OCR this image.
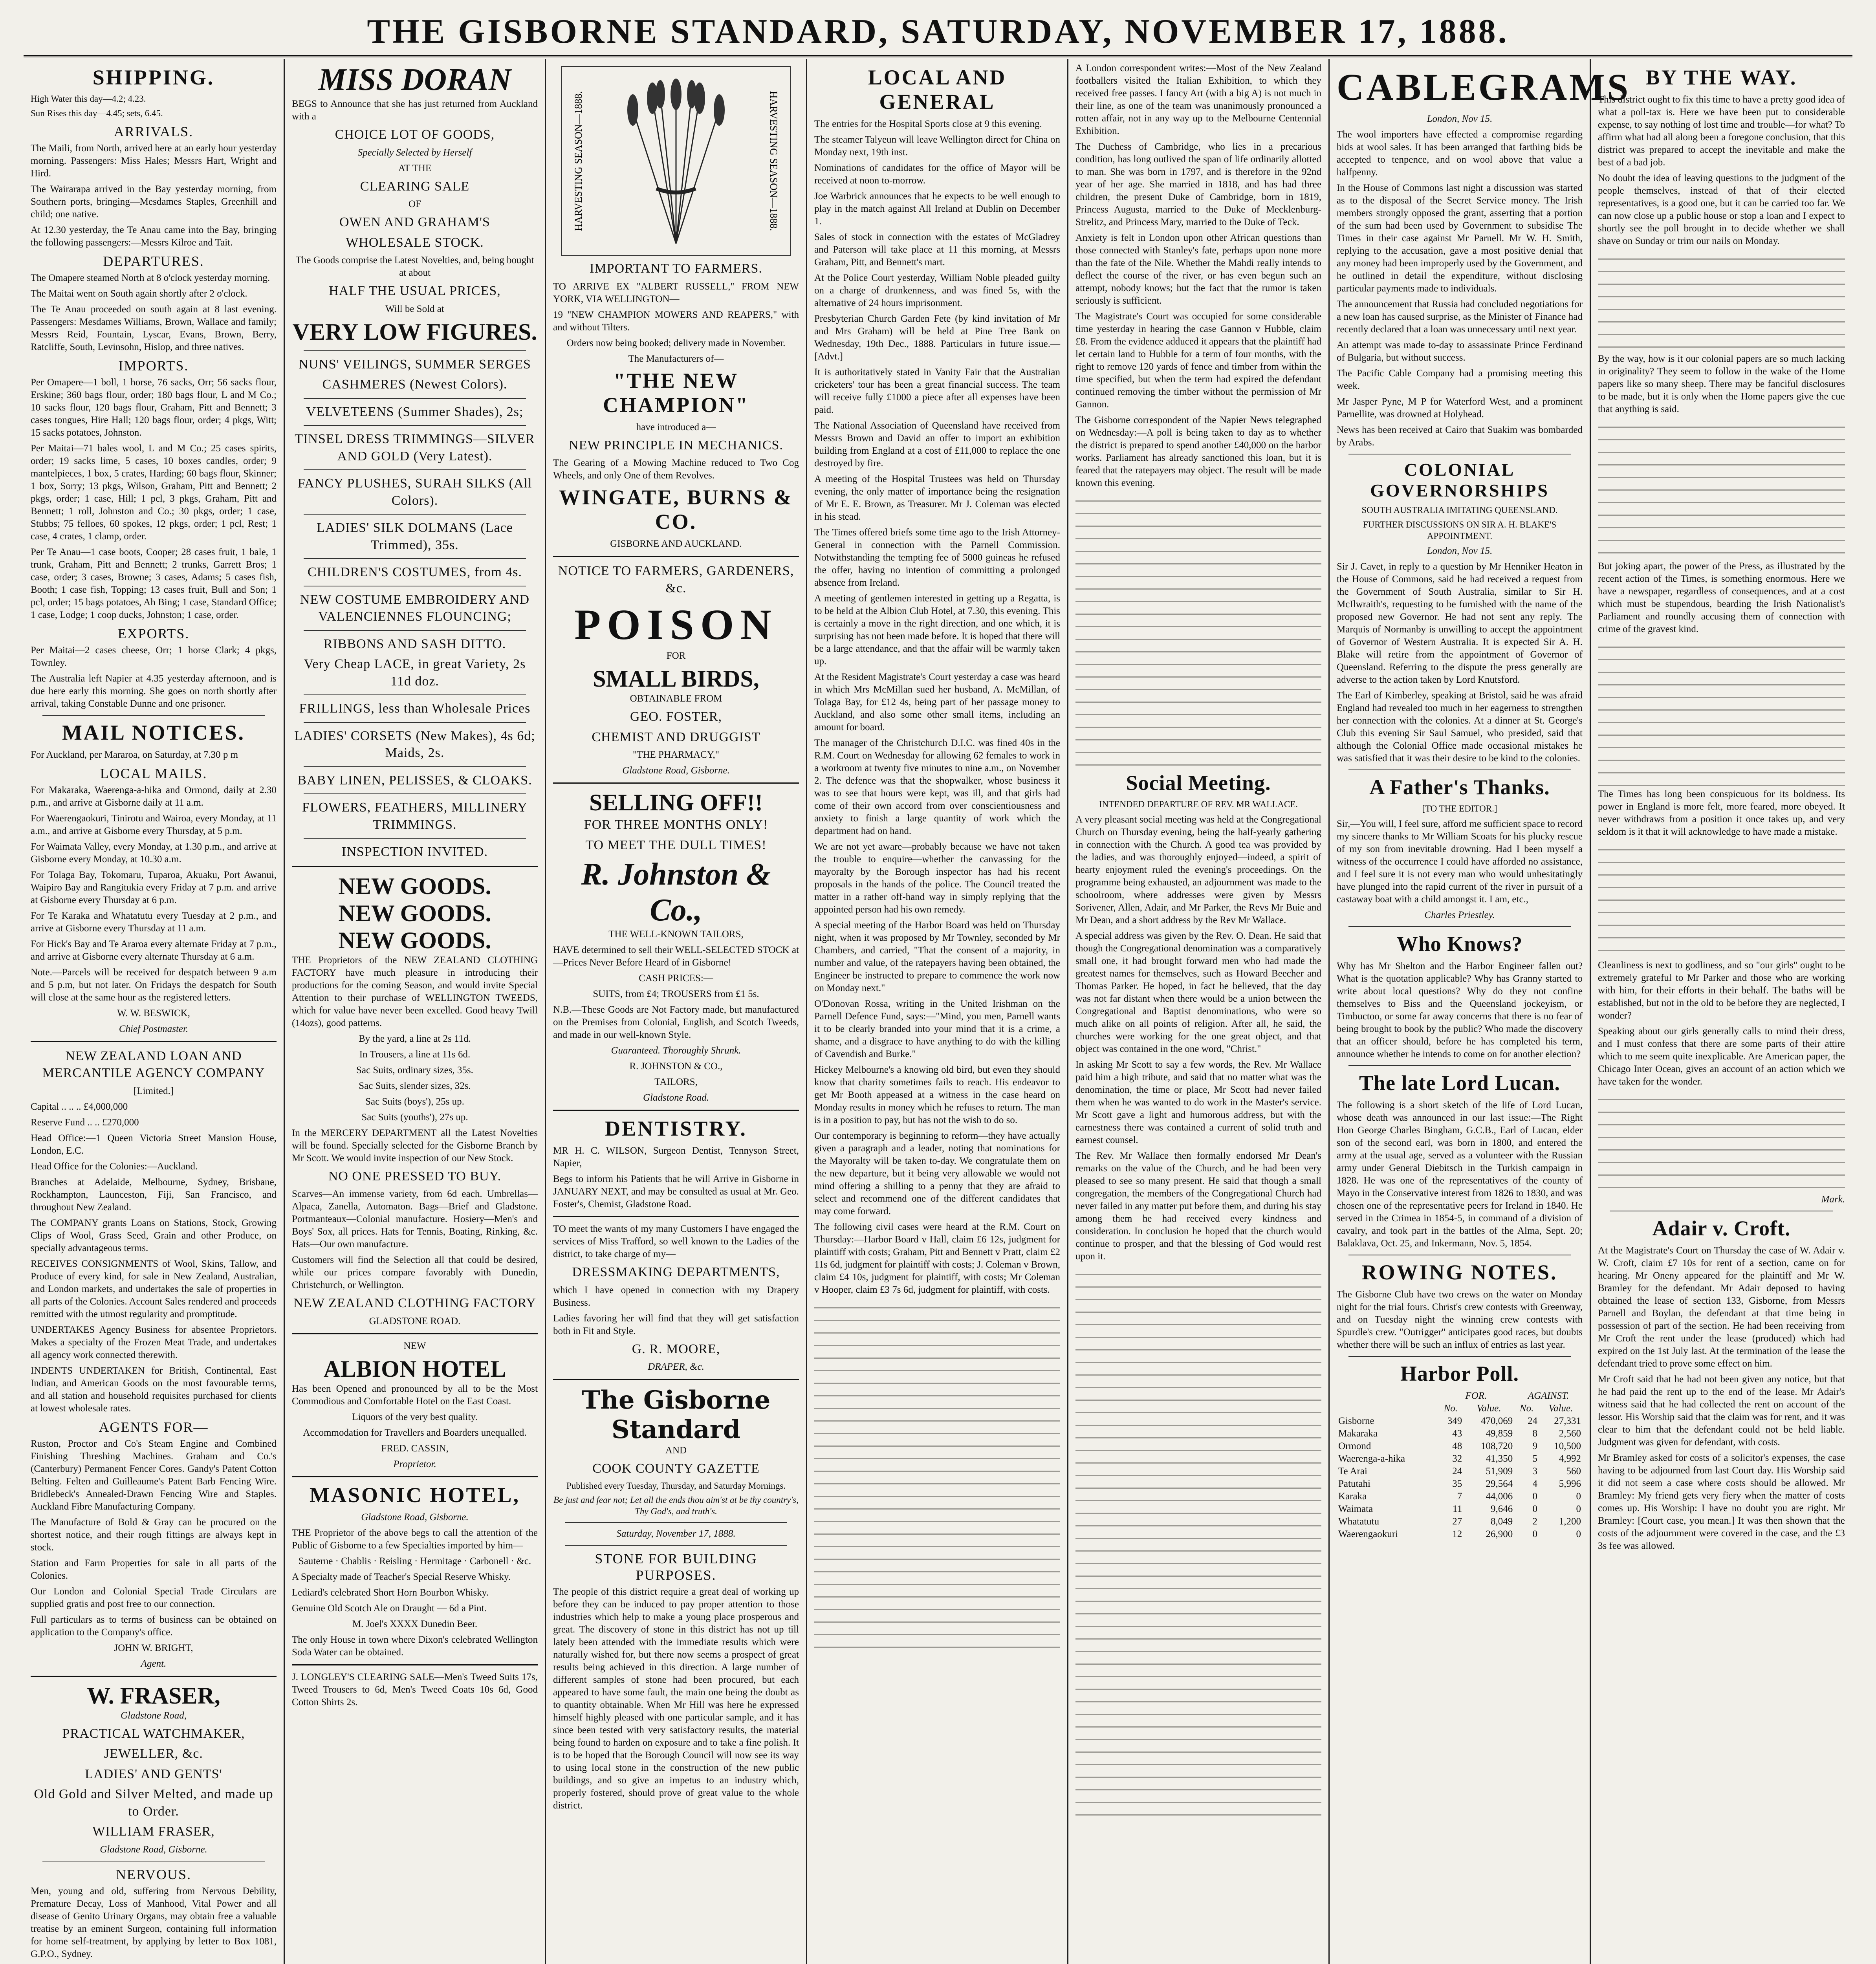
THE GISBORNE STANDARD, SATURDAY, NOVEMBER 17, 1888.
SHIPPING.

High Water this day—4.2; 4.23.

Sun Rises this day—4.45; sets, 6.45.

ARRIVALS.

The Maili, from North, arrived here at an early hour yesterday morning. Passengers: Miss Hales; Messrs Hart, Wright and Hird.

The Wairarapa arrived in the Bay yesterday morning, from Southern ports, bringing—Mesdames Staples, Greenhill and child; one native.

At 12.30 yesterday, the Te Anau came into the Bay, bringing the following passengers:—Messrs Kilroe and Tait.

DEPARTURES.

The Omapere steamed North at 8 o'clock yesterday morning.

The Maitai went on South again shortly after 2 o'clock.

The Te Anau proceeded on south again at 8 last evening. Passengers: Mesdames Williams, Brown, Wallace and family; Messrs Reid, Fountain, Lyscar, Evans, Brown, Berry, Ratcliffe, South, Levinsohn, Hislop, and three natives.

IMPORTS.

Per Omapere—1 boll, 1 horse, 76 sacks, Orr; 56 sacks flour, Erskine; 360 bags flour, order; 180 bags flour, L and M Co.; 10 sacks flour, 120 bags flour, Graham, Pitt and Bennett; 3 cases tongues, Hire Hall; 120 bags flour, order; 4 pkgs, Witt; 15 sacks potatoes, Johnston.

Per Maitai—71 bales wool, L and M Co.; 25 cases spirits, order; 19 sacks lime, 5 cases, 10 boxes candles, order; 9 mantelpieces, 1 box, 5 crates, Harding; 60 bags flour, Skinner; 1 box, Sorry; 13 pkgs, Wilson, Graham, Pitt and Bennett; 2 pkgs, order; 1 case, Hill; 1 pcl, 3 pkgs, Graham, Pitt and Bennett; 1 roll, Johnston and Co.; 30 pkgs, order; 1 case, Stubbs; 75 felloes, 60 spokes, 12 pkgs, order; 1 pcl, Rest; 1 case, 4 crates, 1 clamp, order.

Per Te Anau—1 case boots, Cooper; 28 cases fruit, 1 bale, 1 trunk, Graham, Pitt and Bennett; 2 trunks, Garrett Bros; 1 case, order; 3 cases, Browne; 3 cases, Adams; 5 cases fish, Booth; 1 case fish, Topping; 13 cases fruit, Bull and Son; 1 pcl, order; 15 bags potatoes, Ah Bing; 1 case, Standard Office; 1 case, Lodge; 1 coop ducks, Johnston; 1 case, order.

EXPORTS.

Per Maitai—2 cases cheese, Orr; 1 horse Clark; 4 pkgs, Townley.

The Australia left Napier at 4.35 yesterday afternoon, and is due here early this morning. She goes on north shortly after arrival, taking Constable Dunne and one prisoner.

MAIL NOTICES.

For Auckland, per Mararoa, on Saturday, at 7.30 p m

LOCAL MAILS.

For Makaraka, Waerenga-a-hika and Ormond, daily at 2.30 p.m., and arrive at Gisborne daily at 11 a.m.

For Waerengaokuri, Tinirotu and Wairoa, every Monday, at 11 a.m., and arrive at Gisborne every Thursday, at 5 p.m.

For Waimata Valley, every Monday, at 1.30 p.m., and arrive at Gisborne every Monday, at 10.30 a.m.

For Tolaga Bay, Tokomaru, Tuparoa, Akuaku, Port Awanui, Waipiro Bay and Rangitukia every Friday at 7 p.m. and arrive at Gisborne every Thursday at 6 p.m.

For Te Karaka and Whatatutu every Tuesday at 2 p.m., and arrive at Gisborne every Thursday at 11 a.m.

For Hick's Bay and Te Araroa every alternate Friday at 7 p.m., and arrive at Gisborne every alternate Thursday at 6 a.m.

Note.—Parcels will be received for despatch between 9 a.m and 5 p.m, but not later. On Fridays the despatch for South will close at the same hour as the registered letters.

W. W. BESWICK,

Chief Postmaster.

NEW ZEALAND LOAN AND MERCANTILE AGENCY COMPANY

[Limited.]

Capital .. .. .. £4,000,000

Reserve Fund .. .. £270,000

Head Office:—1 Queen Victoria Street Mansion House, London, E.C.

Head Office for the Colonies:—Auckland.

Branches at Adelaide, Melbourne, Sydney, Brisbane, Rockhampton, Launceston, Fiji, San Francisco, and throughout New Zealand.

The COMPANY grants Loans on Stations, Stock, Growing Clips of Wool, Grass Seed, Grain and other Produce, on specially advantageous terms.

RECEIVES CONSIGNMENTS of Wool, Skins, Tallow, and Produce of every kind, for sale in New Zealand, Australian, and London markets, and undertakes the sale of properties in all parts of the Colonies. Account Sales rendered and proceeds remitted with the utmost regularity and promptitude.

UNDERTAKES Agency Business for absentee Proprietors. Makes a specialty of the Frozen Meat Trade, and undertakes all agency work connected therewith.

INDENTS UNDERTAKEN for British, Continental, East Indian, and American Goods on the most favourable terms, and all station and household requisites purchased for clients at lowest wholesale rates.

AGENTS FOR—

Ruston, Proctor and Co's Steam Engine and Combined Finishing Threshing Machines. Graham and Co.'s (Canterbury) Permanent Fencer Cores. Gandy's Patent Cotton Belting. Felten and Guilleaume's Patent Barb Fencing Wire. Bridlebeck's Annealed-Drawn Fencing Wire and Staples. Auckland Fibre Manufacturing Company.

The Manufacture of Bold & Gray can be procured on the shortest notice, and their rough fittings are always kept in stock.

Station and Farm Properties for sale in all parts of the Colonies.

Our London and Colonial Special Trade Circulars are supplied gratis and post free to our connection.

Full particulars as to terms of business can be obtained on application to the Company's office.

JOHN W. BRIGHT,

Agent.

W. FRASER,

Gladstone Road,

PRACTICAL WATCHMAKER,

JEWELLER, &c.

LADIES' AND GENTS'

Old Gold and Silver Melted, and made up to Order.

WILLIAM FRASER,

Gladstone Road, Gisborne.

NERVOUS.

Men, young and old, suffering from Nervous Debility, Premature Decay, Loss of Manhood, Vital Power and all disease of Genito Urinary Organs, may obtain free a valuable treatise by an eminent Surgeon, containing full information for home self-treatment, by applying by letter to Box 1081, G.P.O., Sydney.

MISS DORAN

BEGS to Announce that she has just returned from Auckland with a

CHOICE LOT OF GOODS,

Specially Selected by Herself

AT THE

CLEARING SALE

OF

OWEN AND GRAHAM'S

WHOLESALE STOCK.

The Goods comprise the Latest Novelties, and, being bought at about

HALF THE USUAL PRICES,

Will be Sold at

VERY LOW FIGURES.

NUNS' VEILINGS, SUMMER SERGES

CASHMERES (Newest Colors).

VELVETEENS (Summer Shades), 2s;

TINSEL DRESS TRIMMINGS—SILVER AND GOLD (Very Latest).

FANCY PLUSHES, SURAH SILKS (All Colors).

LADIES' SILK DOLMANS (Lace Trimmed), 35s.

CHILDREN'S COSTUMES, from 4s.

NEW COSTUME EMBROIDERY AND VALENCIENNES FLOUNCING;

RIBBONS AND SASH DITTO.

Very Cheap LACE, in great Variety, 2s 11d doz.

FRILLINGS, less than Wholesale Prices

LADIES' CORSETS (New Makes), 4s 6d; Maids, 2s.

BABY LINEN, PELISSES, & CLOAKS.

FLOWERS, FEATHERS, MILLINERY TRIMMINGS.

INSPECTION INVITED.

NEW GOODS.
NEW GOODS.
NEW GOODS.

THE Proprietors of the NEW ZEALAND CLOTHING FACTORY have much pleasure in introducing their productions for the coming Season, and would invite Special Attention to their purchase of WELLINGTON TWEEDS, which for value have never been excelled. Good heavy Twill (14ozs), good patterns.

By the yard, a line at 2s 11d.

In Trousers, a line at 11s 6d.

Sac Suits, ordinary sizes, 35s.

Sac Suits, slender sizes, 32s.

Sac Suits (boys'), 25s up.

Sac Suits (youths'), 27s up.

In the MERCERY DEPARTMENT all the Latest Novelties will be found. Specially selected for the Gisborne Branch by Mr Scott. We would invite inspection of our New Stock.

NO ONE PRESSED TO BUY.

Scarves—An immense variety, from 6d each. Umbrellas—Alpaca, Zanella, Automaton. Bags—Brief and Gladstone. Portmanteaux—Colonial manufacture. Hosiery—Men's and Boys' Sox, all prices. Hats for Tennis, Boating, Rinking, &c. Hats—Our own manufacture.

Customers will find the Selection all that could be desired, while our prices compare favorably with Dunedin, Christchurch, or Wellington.

NEW ZEALAND CLOTHING FACTORY

GLADSTONE ROAD.

NEW

ALBION HOTEL

Has been Opened and pronounced by all to be the Most Commodious and Comfortable Hotel on the East Coast.

Liquors of the very best quality.

Accommodation for Travellers and Boarders unequalled.

FRED. CASSIN,

Proprietor.

MASONIC HOTEL,

Gladstone Road, Gisborne.

THE Proprietor of the above begs to call the attention of the Public of Gisborne to a few Specialties imported by him—

Sauterne · Chablis · Reisling · Hermitage · Carbonell · &c.

A Specialty made of Teacher's Special Reserve Whisky.

Lediard's celebrated Short Horn Bourbon Whisky.

Genuine Old Scotch Ale on Draught — 6d a Pint.

M. Joel's XXXX Dunedin Beer.

The only House in town where Dixon's celebrated Wellington Soda Water can be obtained.

J. LONGLEY'S CLEARING SALE—Men's Tweed Suits 17s, Tweed Trousers to 6d, Men's Tweed Coats 10s 6d, Good Cotton Shirts 2s.

HARVESTING SEASON—1888.	HARVESTING SEASON—1888.

IMPORTANT TO FARMERS.

TO ARRIVE EX "ALBERT RUSSELL," FROM NEW YORK, VIA WELLINGTON—

19 "NEW CHAMPION MOWERS AND REAPERS," with and without Tilters.

Orders now being booked; delivery made in November.

The Manufacturers of—

"THE NEW CHAMPION"

have introduced a—

NEW PRINCIPLE IN MECHANICS.

The Gearing of a Mowing Machine reduced to Two Cog Wheels, and only One of them Revolves.

WINGATE, BURNS & CO.

GISBORNE AND AUCKLAND.

NOTICE TO FARMERS, GARDENERS, &c.

POISON

FOR

SMALL BIRDS,

OBTAINABLE FROM

GEO. FOSTER,

CHEMIST AND DRUGGIST

"THE PHARMACY,"

Gladstone Road, Gisborne.

SELLING OFF!!

FOR THREE MONTHS ONLY!

TO MEET THE DULL TIMES!

R. Johnston & Co.,

THE WELL-KNOWN TAILORS,

HAVE determined to sell their WELL-SELECTED STOCK at—Prices Never Before Heard of in Gisborne!

CASH PRICES:—

SUITS, from £4; TROUSERS from £1 5s.

N.B.—These Goods are Not Factory made, but manufactured on the Premises from Colonial, English, and Scotch Tweeds, and made in our well-known Style.

Guaranteed. Thoroughly Shrunk.

R. JOHNSTON & CO.,

TAILORS,

Gladstone Road.

DENTISTRY.

MR H. C. WILSON, Surgeon Dentist, Tennyson Street, Napier,

Begs to inform his Patients that he will Arrive in Gisborne in JANUARY NEXT, and may be consulted as usual at Mr. Geo. Foster's, Chemist, Gladstone Road.

TO meet the wants of my many Customers I have engaged the services of Miss Trafford, so well known to the Ladies of the district, to take charge of my—

DRESSMAKING DEPARTMENTS,

which I have opened in connection with my Drapery Business.

Ladies favoring her will find that they will get satisfaction both in Fit and Style.

G. R. MOORE,

DRAPER, &c.

The Gisborne Standard

AND

COOK COUNTY GAZETTE

Published every Tuesday, Thursday, and Saturday Mornings.

Be just and fear not; Let all the ends thou aim'st at be thy country's, Thy God's, and truth's.

Saturday, November 17, 1888.

STONE FOR BUILDING PURPOSES.

The people of this district require a great deal of working up before they can be induced to pay proper attention to those industries which help to make a young place prosperous and great. The discovery of stone in this district has not up till lately been attended with the immediate results which were naturally wished for, but there now seems a prospect of great results being achieved in this direction. A large number of different samples of stone had been procured, but each appeared to have some fault, the main one being the doubt as to quantity obtainable. When Mr Hill was here he expressed himself highly pleased with one particular sample, and it has since been tested with very satisfactory results, the material being found to harden on exposure and to take a fine polish. It is to be hoped that the Borough Council will now see its way to using local stone in the construction of the new public buildings, and so give an impetus to an industry which, properly fostered, should prove of great value to the whole district.

LOCAL AND GENERAL

The entries for the Hospital Sports close at 9 this evening.

The steamer Talyeun will leave Wellington direct for China on Monday next, 19th inst.

Nominations of candidates for the office of Mayor will be received at noon to-morrow.

Joe Warbrick announces that he expects to be well enough to play in the match against All Ireland at Dublin on December 1.

Sales of stock in connection with the estates of McGladrey and Paterson will take place at 11 this morning, at Messrs Graham, Pitt, and Bennett's mart.

At the Police Court yesterday, William Noble pleaded guilty on a charge of drunkenness, and was fined 5s, with the alternative of 24 hours imprisonment.

Presbyterian Church Garden Fete (by kind invitation of Mr and Mrs Graham) will be held at Pine Tree Bank on Wednesday, 19th Dec., 1888. Particulars in future issue.—[Advt.]

It is authoritatively stated in Vanity Fair that the Australian cricketers' tour has been a great financial success. The team will receive fully £1000 a piece after all expenses have been paid.

The National Association of Queensland have received from Messrs Brown and David an offer to import an exhibition building from England at a cost of £11,000 to replace the one destroyed by fire.

A meeting of the Hospital Trustees was held on Thursday evening, the only matter of importance being the resignation of Mr E. E. Brown, as Treasurer. Mr J. Coleman was elected in his stead.

The Times offered briefs some time ago to the Irish Attorney-General in connection with the Parnell Commission. Notwithstanding the tempting fee of 5000 guineas he refused the offer, having no intention of committing a prolonged absence from Ireland.

A meeting of gentlemen interested in getting up a Regatta, is to be held at the Albion Club Hotel, at 7.30, this evening. This is certainly a move in the right direction, and one which, it is surprising has not been made before. It is hoped that there will be a large attendance, and that the affair will be warmly taken up.

At the Resident Magistrate's Court yesterday a case was heard in which Mrs McMillan sued her husband, A. McMillan, of Tolaga Bay, for £12 4s, being part of her passage money to Auckland, and also some other small items, including an amount for board.

The manager of the Christchurch D.I.C. was fined 40s in the R.M. Court on Wednesday for allowing 62 females to work in a workroom at twenty five minutes to nine a.m., on November 2. The defence was that the shopwalker, whose business it was to see that hours were kept, was ill, and that girls had come of their own accord from over conscientiousness and anxiety to finish a large quantity of work which the department had on hand.

We are not yet aware—probably because we have not taken the trouble to enquire—whether the canvassing for the mayoralty by the Borough inspector has had his recent proposals in the hands of the police. The Council treated the matter in a rather off-hand way in simply replying that the appointed person had his own remedy.

A special meeting of the Harbor Board was held on Thursday night, when it was proposed by Mr Townley, seconded by Mr Chambers, and carried, "That the consent of a majority, in number and value, of the ratepayers having been obtained, the Engineer be instructed to prepare to commence the work now on Monday next."

O'Donovan Rossa, writing in the United Irishman on the Parnell Defence Fund, says:—"Mind, you men, Parnell wants it to be clearly branded into your mind that it is a crime, a shame, and a disgrace to have anything to do with the killing of Cavendish and Burke."

Hickey Melbourne's a knowing old bird, but even they should know that charity sometimes fails to reach. His endeavor to get Mr Booth appeased at a witness in the case heard on Monday results in money which he refuses to return. The man is in a position to pay, but has not the wish to do so.

Our contemporary is beginning to reform—they have actually given a paragraph and a leader, noting that nominations for the Mayoralty will be taken to-day. We congratulate them on the new departure, but it being very allowable we would not mind offering a shilling to a penny that they are afraid to select and recommend one of the different candidates that may come forward.

The following civil cases were heard at the R.M. Court on Thursday:—Harbor Board v Hall, claim £6 12s, judgment for plaintiff with costs; Graham, Pitt and Bennett v Pratt, claim £2 11s 6d, judgment for plaintiff with costs; J. Coleman v Brown, claim £4 10s, judgment for plaintiff, with costs; Mr Coleman v Hooper, claim £3 7s 6d, judgment for plaintiff, with costs.

A London correspondent writes:—Most of the New Zealand footballers visited the Italian Exhibition, to which they received free passes. I fancy Art (with a big A) is not much in their line, as one of the team was unanimously pronounced a rotten affair, not in any way up to the Melbourne Centennial Exhibition.

The Duchess of Cambridge, who lies in a precarious condition, has long outlived the span of life ordinarily allotted to man. She was born in 1797, and is therefore in the 92nd year of her age. She married in 1818, and has had three children, the present Duke of Cambridge, born in 1819, Princess Augusta, married to the Duke of Mecklenburg-Strelitz, and Princess Mary, married to the Duke of Teck.

Anxiety is felt in London upon other African questions than those connected with Stanley's fate, perhaps upon none more than the fate of the Nile. Whether the Mahdi really intends to deflect the course of the river, or has even begun such an attempt, nobody knows; but the fact that the rumor is taken seriously is sufficient.

The Magistrate's Court was occupied for some considerable time yesterday in hearing the case Gannon v Hubble, claim £8. From the evidence adduced it appears that the plaintiff had let certain land to Hubble for a term of four months, with the right to remove 120 yards of fence and timber from within the time specified, but when the term had expired the defendant continued removing the timber without the permission of Mr Gannon.

The Gisborne correspondent of the Napier News telegraphed on Wednesday:—A poll is being taken to day as to whether the district is prepared to spend another £40,000 on the harbor works. Parliament has already sanctioned this loan, but it is feared that the ratepayers may object. The result will be made known this evening.

Social Meeting.

INTENDED DEPARTURE OF REV. MR WALLACE.

A very pleasant social meeting was held at the Congregational Church on Thursday evening, being the half-yearly gathering in connection with the Church. A good tea was provided by the ladies, and was thoroughly enjoyed—indeed, a spirit of hearty enjoyment ruled the evening's proceedings. On the programme being exhausted, an adjournment was made to the schoolroom, where addresses were given by Messrs Sorivener, Allen, Adair, and Mr Parker, the Revs Mr Buie and Mr Dean, and a short address by the Rev Mr Wallace.

A special address was given by the Rev. O. Dean. He said that though the Congregational denomination was a comparatively small one, it had brought forward men who had made the greatest names for themselves, such as Howard Beecher and Thomas Parker. He hoped, in fact he believed, that the day was not far distant when there would be a union between the Congregational and Baptist denominations, who were so much alike on all points of religion. After all, he said, the churches were working for the one great object, and that object was contained in the one word, "Christ."

In asking Mr Scott to say a few words, the Rev. Mr Wallace paid him a high tribute, and said that no matter what was the denomination, the time or place, Mr Scott had never failed them when he was wanted to do work in the Master's service. Mr Scott gave a light and humorous address, but with the earnestness there was contained a current of solid truth and earnest counsel.

The Rev. Mr Wallace then formally endorsed Mr Dean's remarks on the value of the Church, and he had been very pleased to see so many present. He said that though a small congregation, the members of the Congregational Church had never failed in any matter put before them, and during his stay among them he had received every kindness and consideration. In conclusion he hoped that the church would continue to prosper, and that the blessing of God would rest upon it.

CABLEGRAMS

London, Nov 15.

The wool importers have effected a compromise regarding bids at wool sales. It has been arranged that farthing bids be accepted to tenpence, and on wool above that value a halfpenny.

In the House of Commons last night a discussion was started as to the disposal of the Secret Service money. The Irish members strongly opposed the grant, asserting that a portion of the sum had been used by Government to subsidise The Times in their case against Mr Parnell. Mr W. H. Smith, replying to the accusation, gave a most positive denial that any money had been improperly used by the Government, and he outlined in detail the expenditure, without disclosing particular payments made to individuals.

The announcement that Russia had concluded negotiations for a new loan has caused surprise, as the Minister of Finance had recently declared that a loan was unnecessary until next year.

An attempt was made to-day to assassinate Prince Ferdinand of Bulgaria, but without success.

The Pacific Cable Company had a promising meeting this week.

Mr Jasper Pyne, M P for Waterford West, and a prominent Parnellite, was drowned at Holyhead.

News has been received at Cairo that Suakim was bombarded by Arabs.

COLONIAL GOVERNORSHIPS

SOUTH AUSTRALIA IMITATING QUEENSLAND.

FURTHER DISCUSSIONS ON SIR A. H. BLAKE'S APPOINTMENT.

London, Nov 15.

Sir J. Cavet, in reply to a question by Mr Henniker Heaton in the House of Commons, said he had received a request from the Government of South Australia, similar to Sir H. McIlwraith's, requesting to be furnished with the name of the proposed new Governor. He had not sent any reply. The Marquis of Normanby is unwilling to accept the appointment of Governor of Western Australia. It is expected Sir A. H. Blake will retire from the appointment of Governor of Queensland. Referring to the dispute the press generally are adverse to the action taken by Lord Knutsford.

The Earl of Kimberley, speaking at Bristol, said he was afraid England had revealed too much in her eagerness to strengthen her connection with the colonies. At a dinner at St. George's Club this evening Sir Saul Samuel, who presided, said that although the Colonial Office made occasional mistakes he was satisfied that it was their desire to be kind to the colonies.

A Father's Thanks.

[TO THE EDITOR.]

Sir,—You will, I feel sure, afford me sufficient space to record my sincere thanks to Mr William Scoats for his plucky rescue of my son from inevitable drowning. Had I been myself a witness of the occurrence I could have afforded no assistance, and I feel sure it is not every man who would unhesitatingly have plunged into the rapid current of the river in pursuit of a castaway boat with a child amongst it. I am, etc.,

Charles Priestley.

Who Knows?

Why has Mr Shelton and the Harbor Engineer fallen out? What is the quotation applicable? Why has Granny started to write about local questions? Why do they not confine themselves to Biss and the Queensland jockeyism, or Timbuctoo, or some far away concerns that there is no fear of being brought to book by the public? Who made the discovery that an officer should, before he has completed his term, announce whether he intends to come on for another election?

The late Lord Lucan.

The following is a short sketch of the life of Lord Lucan, whose death was announced in our last issue:—The Right Hon George Charles Bingham, G.C.B., Earl of Lucan, elder son of the second earl, was born in 1800, and entered the army at the usual age, served as a volunteer with the Russian army under General Diebitsch in the Turkish campaign in 1828. He was one of the representatives of the county of Mayo in the Conservative interest from 1826 to 1830, and was chosen one of the representative peers for Ireland in 1840. He served in the Crimea in 1854-5, in command of a division of cavalry, and took part in the battles of the Alma, Sept. 20; Balaklava, Oct. 25, and Inkermann, Nov. 5, 1854.

ROWING NOTES.

The Gisborne Club have two crews on the water on Monday night for the trial fours. Christ's crew contests with Greenway, and on Tuesday night the winning crew contests with Spurdle's crew. "Outrigger" anticipates good races, but doubts whether there will be such an influx of entries as last year.

Harbor Poll.
	FOR.		AGAINST.	
	No.	Value.	No.	Value.
Gisborne	349	470,069	24	27,331
Makaraka	43	49,859	8	2,560
Ormond	48	108,720	9	10,500
Waerenga-a-hika	32	41,350	5	4,992
Te Arai	24	51,909	3	560
Patutahi	35	29,564	4	5,996
Karaka	7	44,006	0	0
Waimata	11	9,646	0	0
Whatatutu	27	8,049	2	1,200
Waerengaokuri	12	26,900	0	0
BY THE WAY.

This district ought to fix this time to have a pretty good idea of what a poll-tax is. Here we have been put to considerable expense, to say nothing of lost time and trouble—for what? To affirm what had all along been a foregone conclusion, that this district was prepared to accept the inevitable and make the best of a bad job.

No doubt the idea of leaving questions to the judgment of the people themselves, instead of that of their elected representatives, is a good one, but it can be carried too far. We can now close up a public house or stop a loan and I expect to shortly see the poll brought in to decide whether we shall shave on Sunday or trim our nails on Monday.

By the way, how is it our colonial papers are so much lacking in originality? They seem to follow in the wake of the Home papers like so many sheep. There may be fanciful disclosures to be made, but it is only when the Home papers give the cue that anything is said.

But joking apart, the power of the Press, as illustrated by the recent action of the Times, is something enormous. Here we have a newspaper, regardless of consequences, and at a cost which must be stupendous, bearding the Irish Nationalist's Parliament and roundly accusing them of connection with crime of the gravest kind.

The Times has long been conspicuous for its boldness. Its power in England is more felt, more feared, more obeyed. It never withdraws from a position it once takes up, and very seldom is it that it will acknowledge to have made a mistake.

Cleanliness is next to godliness, and so "our girls" ought to be extremely grateful to Mr Parker and those who are working with him, for their efforts in their behalf. The baths will be established, but not in the old to be before they are neglected, I wonder?

Speaking about our girls generally calls to mind their dress, and I must confess that there are some parts of their attire which to me seem quite inexplicable. Are American paper, the Chicago Inter Ocean, gives an account of an action which we have taken for the wonder.

Mark.

Adair v. Croft.

At the Magistrate's Court on Thursday the case of W. Adair v. W. Croft, claim £7 10s for rent of a section, came on for hearing. Mr Oneny appeared for the plaintiff and Mr W. Bramley for the defendant. Mr Adair deposed to having obtained the lease of section 133, Gisborne, from Messrs Parnell and Boylan, the defendant at that time being in possession of part of the section. He had been receiving from Mr Croft the rent under the lease (produced) which had expired on the 1st July last. At the termination of the lease the defendant tried to prove some effect on him.

Mr Croft said that he had not been given any notice, but that he had paid the rent up to the end of the lease. Mr Adair's witness said that he had collected the rent on account of the lessor. His Worship said that the claim was for rent, and it was clear to him that the defendant could not be held liable. Judgment was given for defendant, with costs.

Mr Bramley asked for costs of a solicitor's expenses, the case having to be adjourned from last Court day. His Worship said it did not seem a case where costs should be allowed. Mr Bramley: My friend gets very fiery when the matter of costs comes up. His Worship: I have no doubt you are right. Mr Bramley: [Court case, you mean.] It was then shown that the costs of the adjournment were covered in the case, and the £3 3s fee was allowed.
